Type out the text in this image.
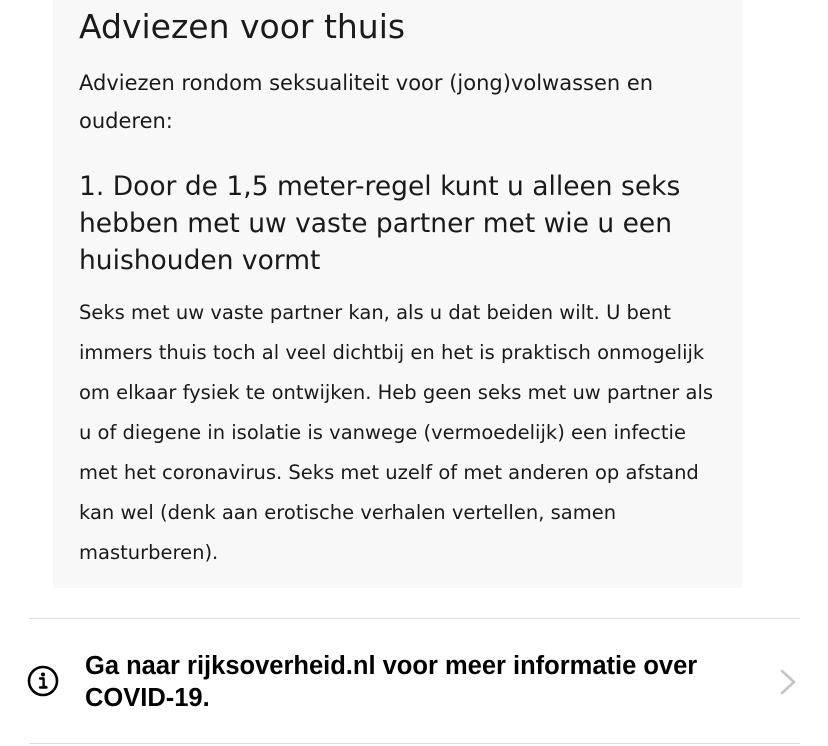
Adviezen voor thuis

Adviezen rondom seksualiteit voor (jong)volwassen en ouderen:

1. Door de 1,5 meter-regel kunt u alleen seks hebben met uw vaste partner met wie u een huishouden vormt

Seks met uw vaste partner kan, als u dat beiden wilt. U bent immers thuis toch al veel dichtbij en het is praktisch onmogelijk om elkaar fysiek te ontwijken. Heb geen seks met uw partner als u of diegene in isolatie is vanwege (vermoedelijk) een infectie met het coronavirus. Seks met uzelf of met anderen op afstand kan wel (denk aan erotische verhalen vertellen, samen masturberen).

Ga naar rijksoverheid.nl voor meer informatie over COVID-19.
